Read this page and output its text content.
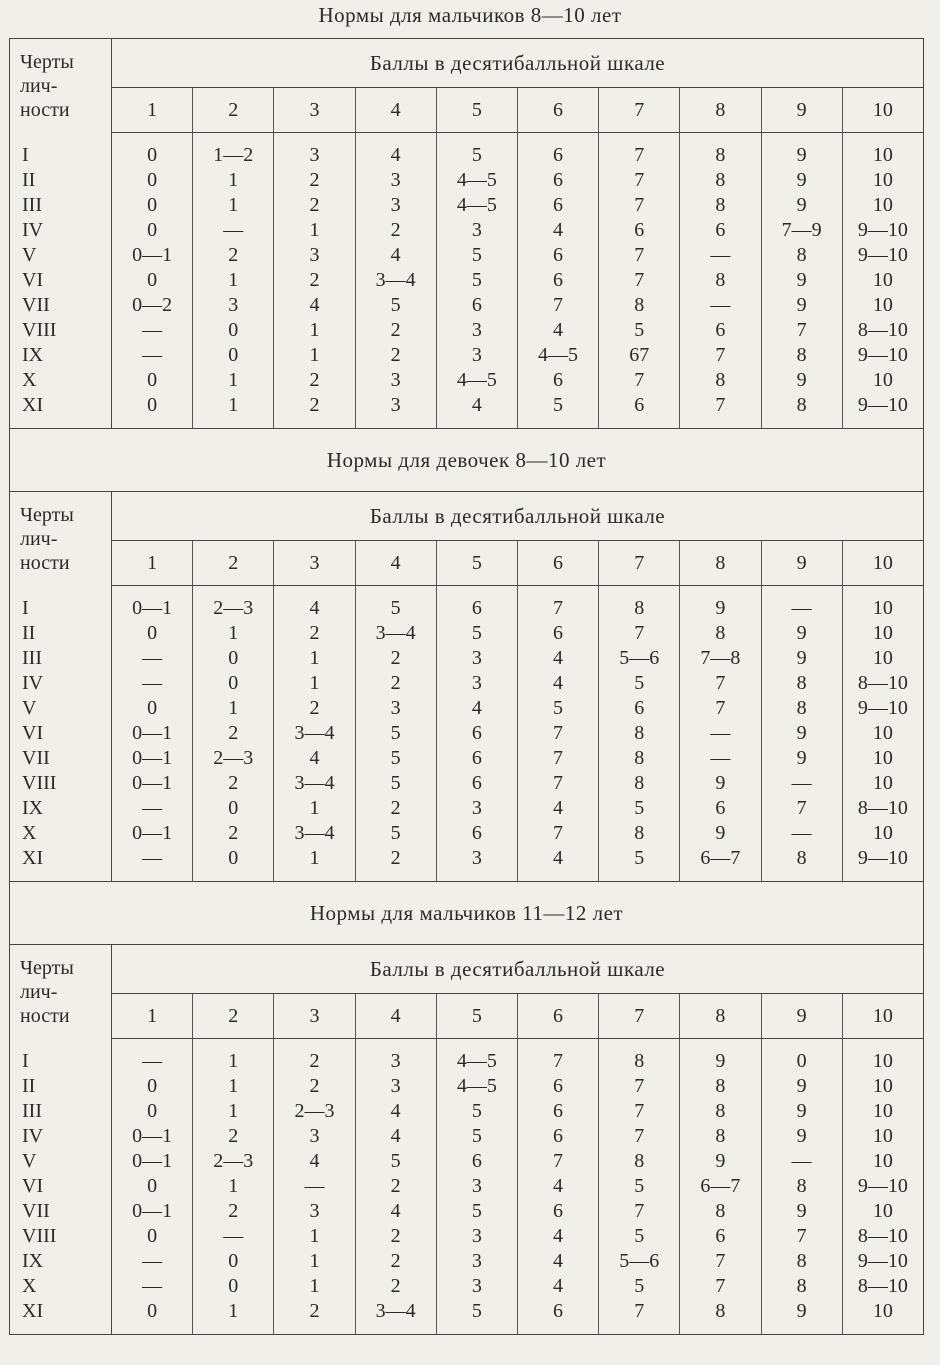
Нормы для мальчиков 8—10 лет
Черты
лич-
ности	Баллы в десятибалльной шкале									
	1	2	3	4	5	6	7	8	9	10

I	0	1—2	3	4	5	6	7	8	9	10
II	0	1	2	3	4—5	6	7	8	9	10
III	0	1	2	3	4—5	6	7	8	9	10
IV	0	—	1	2	3	4	6	6	7—9	9—10
V	0—1	2	3	4	5	6	7	—	8	9—10
VI	0	1	2	3—4	5	6	7	8	9	10
VII	0—2	3	4	5	6	7	8	—	9	10
VIII	—	0	1	2	3	4	5	6	7	8—10
IX	—	0	1	2	3	4—5	67	7	8	9—10
X	0	1	2	3	4—5	6	7	8	9	10
XI	0	1	2	3	4	5	6	7	8	9—10

Нормы для девочек 8—10 лет										

Черты
лич-
ности	Баллы в десятибалльной шкале									
	1	2	3	4	5	6	7	8	9	10

I	0—1	2—3	4	5	6	7	8	9	—	10
II	0	1	2	3—4	5	6	7	8	9	10
III	—	0	1	2	3	4	5—6	7—8	9	10
IV	—	0	1	2	3	4	5	7	8	8—10
V	0	1	2	3	4	5	6	7	8	9—10
VI	0—1	2	3—4	5	6	7	8	—	9	10
VII	0—1	2—3	4	5	6	7	8	—	9	10
VIII	0—1	2	3—4	5	6	7	8	9	—	10
IX	—	0	1	2	3	4	5	6	7	8—10
X	0—1	2	3—4	5	6	7	8	9	—	10
XI	—	0	1	2	3	4	5	6—7	8	9—10

Нормы для мальчиков 11—12 лет										

Черты
лич-
ности	Баллы в десятибалльной шкале									
	1	2	3	4	5	6	7	8	9	10

I	—	1	2	3	4—5	7	8	9	0	10
II	0	1	2	3	4—5	6	7	8	9	10
III	0	1	2—3	4	5	6	7	8	9	10
IV	0—1	2	3	4	5	6	7	8	9	10
V	0—1	2—3	4	5	6	7	8	9	—	10
VI	0	1	—	2	3	4	5	6—7	8	9—10
VII	0—1	2	3	4	5	6	7	8	9	10
VIII	0	—	1	2	3	4	5	6	7	8—10
IX	—	0	1	2	3	4	5—6	7	8	9—10
X	—	0	1	2	3	4	5	7	8	8—10
XI	0	1	2	3—4	5	6	7	8	9	10
